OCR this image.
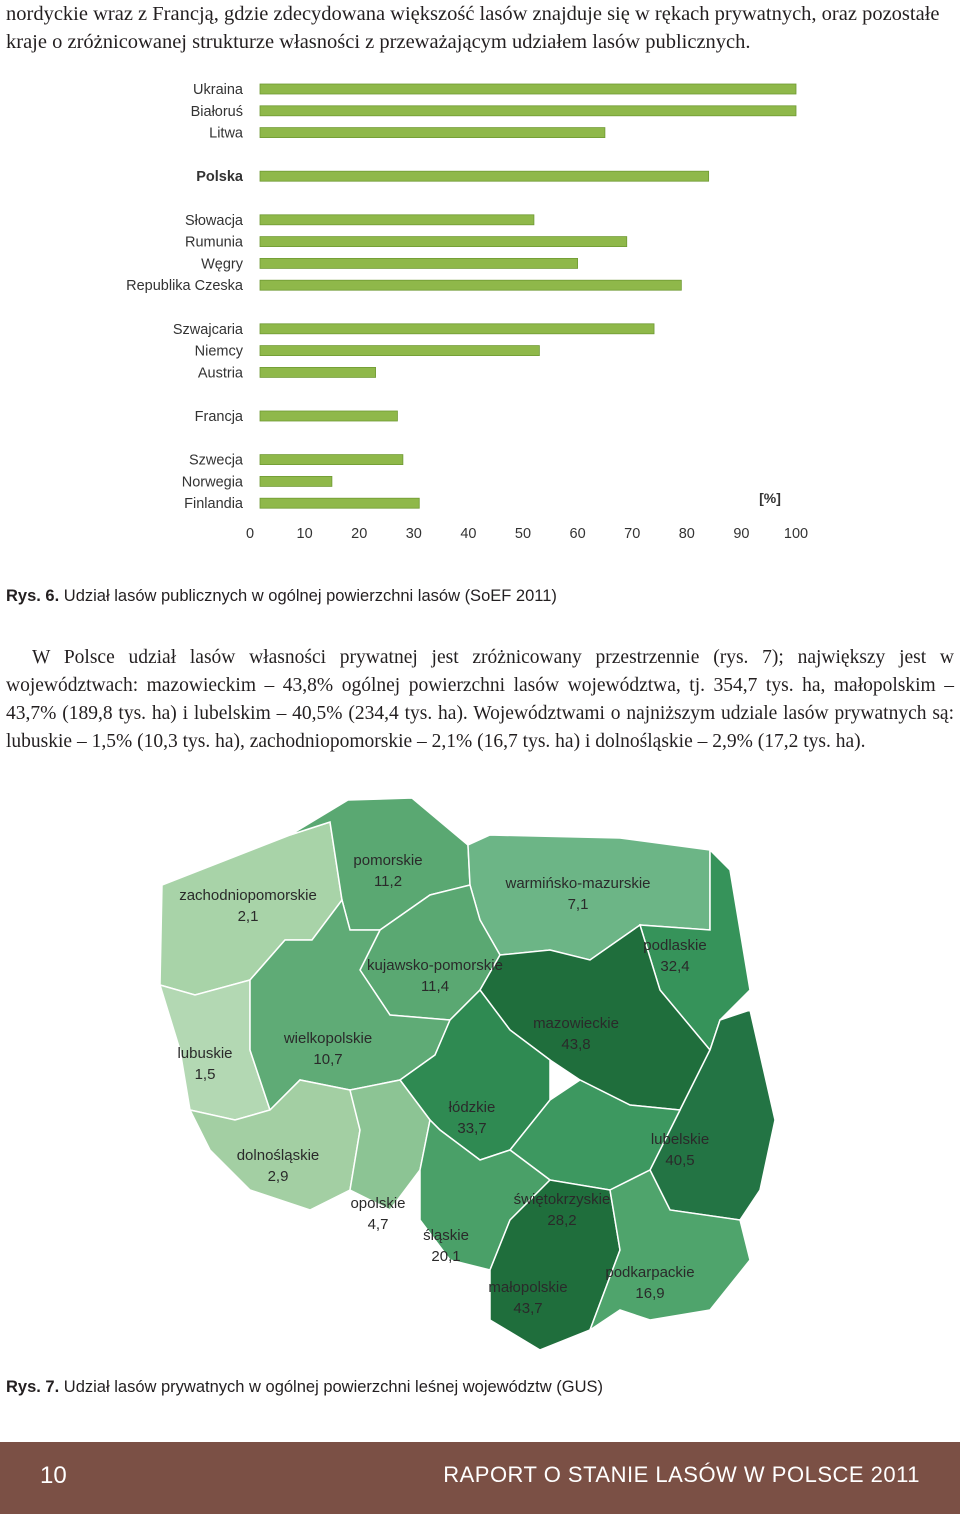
nordyckie wraz z Francją, gdzie zdecydowana większość lasów znajduje się w rękach prywatnych, oraz pozostałe kraje o zróżnicowanej strukturze własności z przeważającym udziałem lasów publicznych.

Ukraina
Białoruś
Litwa
Polska
Słowacja
Rumunia
Węgry
Republika Czeska
Szwajcaria
Niemcy
Austria
Francja
Szwecja
Norwegia
Finlandia	[%]
0	10	20	30	40	50	60	70	80	90 100
Rys. 6. Udział lasów publicznych w ogólnej powierzchni lasów (SoEF 2011)

W Polsce udział lasów własności prywatnej jest zróżnicowany przestrzennie (rys. 7); największy jest w województwach: mazowieckim – 43,8% ogólnej powierzchni lasów województwa, tj. 354,7 tys. ha, małopolskim – 43,7% (189,8 tys. ha) i lubelskim – 40,5% (234,4 tys. ha). Województwami o najniższym udziale lasów prywatnych są: lubuskie – 1,5% (10,3 tys. ha), zachodniopomorskie – 2,1% (16,7 tys. ha) i dolnośląskie – 2,9% (17,2 tys. ha).

zachodniopomorskie
2,1
pomorskie
11,2	warmińsko-mazurskie
7,1
podlaskie
32,4
kujawsko-pomorskie
11,4
lubuskie
1,5
wielkopolskie
10,7
mazowieckie
43,8
łódzkie
33,7
lubelskie
40,5
dolnośląskie
2,9
opolskie
4,7
świętokrzyskie
28,2
śląskie
20,1
małopolskie
43,7
podkarpackie
16,9
Rys. 7. Udział lasów prywatnych w ogólnej powierzchni leśnej województw (GUS)
10	RAPORT O STANIE LASÓW W POLSCE 2011
